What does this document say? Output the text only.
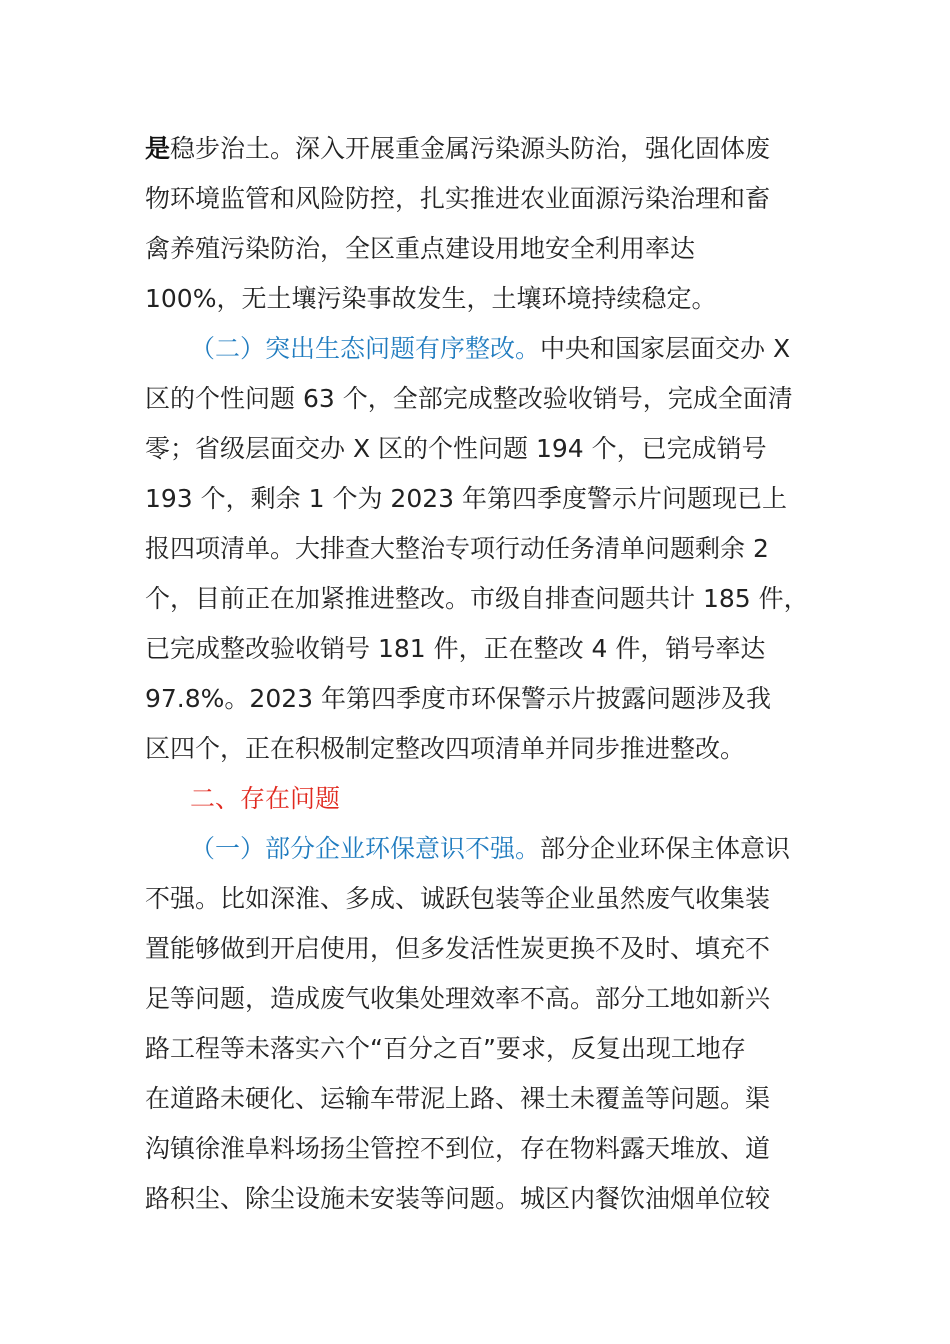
是稳步治土。深入开展重金属污染源头防治，强化固体废
物环境监管和风险防控，扎实推进农业面源污染治理和畜
禽养殖污染防治，全区重点建设用地安全利用率达
100%，无土壤污染事故发生，土壤环境持续稳定。
（二）突出生态问题有序整改。中央和国家层面交办 X
区的个性问题 63 个，全部完成整改验收销号，完成全面清
零；省级层面交办 X 区的个性问题 194 个，已完成销号
193 个，剩余 1 个为 2023 年第四季度警示片问题现已上
报四项清单。大排查大整治专项行动任务清单问题剩余 2
个，目前正在加紧推进整改。市级自排查问题共计 185 件，
已完成整改验收销号 181 件，正在整改 4 件，销号率达
97.8%。2023 年第四季度市环保警示片披露问题涉及我
区四个，正在积极制定整改四项清单并同步推进整改。
二、存在问题
（一）部分企业环保意识不强。部分企业环保主体意识
不强。比如深淮、多成、诚跃包装等企业虽然废气收集装
置能够做到开启使用，但多发活性炭更换不及时、填充不
足等问题，造成废气收集处理效率不高。部分工地如新兴
路工程等未落实六个“百分之百”要求，反复出现工地存
在道路未硬化、运输车带泥上路、裸土未覆盖等问题。渠
沟镇徐淮阜料场扬尘管控不到位，存在物料露天堆放、道
路积尘、除尘设施未安装等问题。城区内餐饮油烟单位较
